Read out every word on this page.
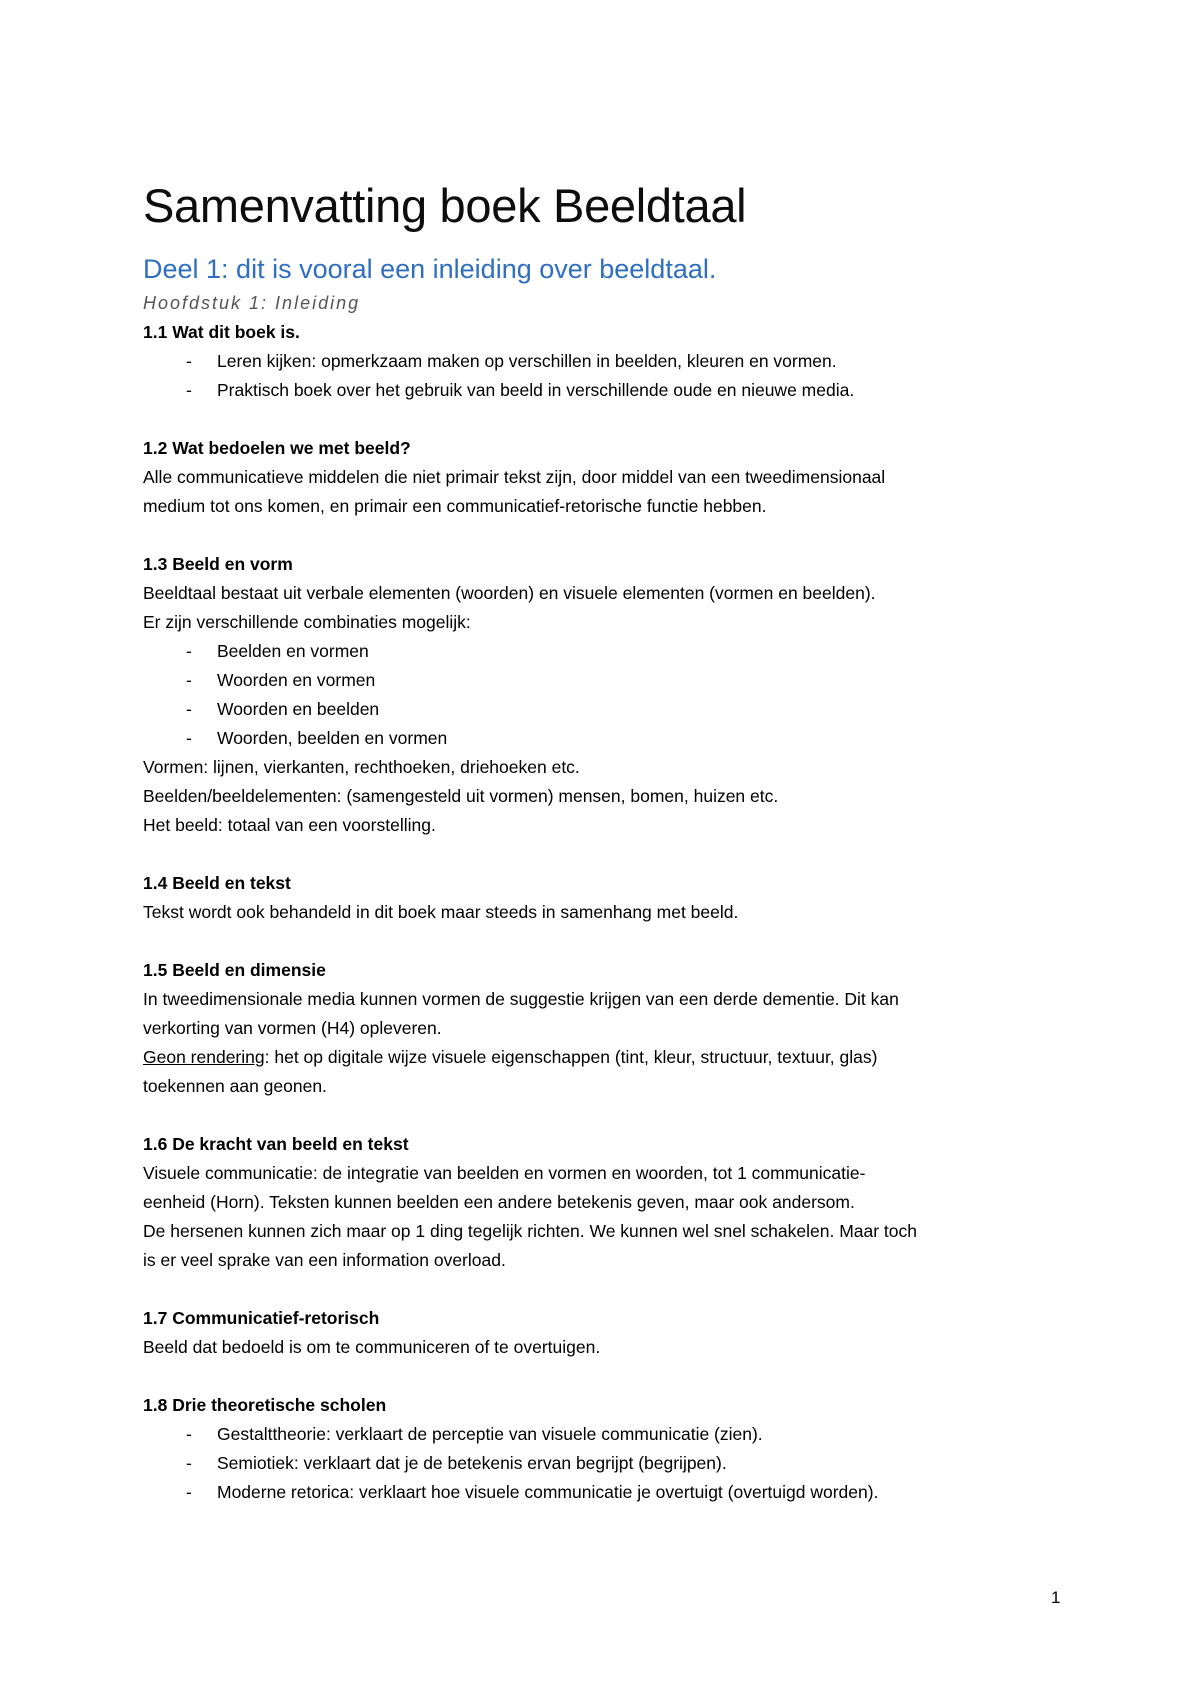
Samenvatting boek Beeldtaal
Deel 1: dit is vooral een inleiding over beeldtaal.
Hoofdstuk 1: Inleiding
1.1 Wat dit boek is.
- Leren kijken: opmerkzaam maken op verschillen in beelden, kleuren en vormen.
- Praktisch boek over het gebruik van beeld in verschillende oude en nieuwe media.
1.2 Wat bedoelen we met beeld?

Alle communicatieve middelen die niet primair tekst zijn, door middel van een tweedimensionaal

medium tot ons komen, en primair een communicatief-retorische functie hebben.

1.3 Beeld en vorm

Beeldtaal bestaat uit verbale elementen (woorden) en visuele elementen (vormen en beelden).

Er zijn verschillende combinaties mogelijk:

- Beelden en vormen
- Woorden en vormen
- Woorden en beelden
- Woorden, beelden en vormen

Vormen: lijnen, vierkanten, rechthoeken, driehoeken etc.

Beelden/beeldelementen: (samengesteld uit vormen) mensen, bomen, huizen etc.

Het beeld: totaal van een voorstelling.

1.4 Beeld en tekst

Tekst wordt ook behandeld in dit boek maar steeds in samenhang met beeld.

1.5 Beeld en dimensie

In tweedimensionale media kunnen vormen de suggestie krijgen van een derde dementie. Dit kan

verkorting van vormen (H4) opleveren.

Geon rendering: het op digitale wijze visuele eigenschappen (tint, kleur, structuur, textuur, glas)

toekennen aan geonen.

1.6 De kracht van beeld en tekst

Visuele communicatie: de integratie van beelden en vormen en woorden, tot 1 communicatie-

eenheid (Horn). Teksten kunnen beelden een andere betekenis geven, maar ook andersom.

De hersenen kunnen zich maar op 1 ding tegelijk richten. We kunnen wel snel schakelen. Maar toch

is er veel sprake van een information overload.

1.7 Communicatief-retorisch

Beeld dat bedoeld is om te communiceren of te overtuigen.

1.8 Drie theoretische scholen
- Gestalttheorie: verklaart de perceptie van visuele communicatie (zien).
- Semiotiek: verklaart dat je de betekenis ervan begrijpt (begrijpen).
- Moderne retorica: verklaart hoe visuele communicatie je overtuigt (overtuigd worden).
1
